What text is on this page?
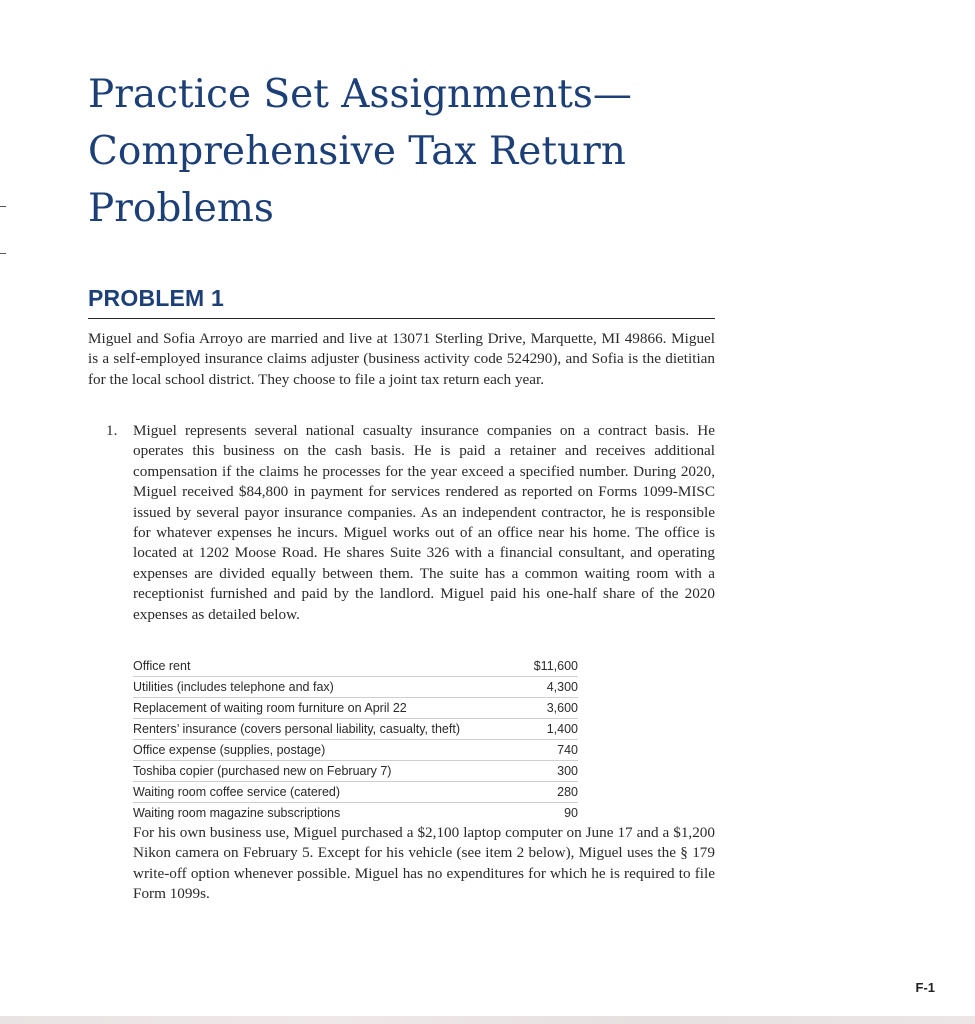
Practice Set Assignments—
Comprehensive Tax Return
Problems
PROBLEM 1

Miguel and Sofia Arroyo are married and live at 13071 Sterling Drive, Marquette, MI 49866. Miguel is a self-employed insurance claims adjuster (business activity code 524290), and Sofia is the dietitian for the local school district. They choose to file a joint tax return each year.

1. Miguel represents several national casualty insurance companies on a contract basis. He operates this business on the cash basis. He is paid a retainer and receives additional compensation if the claims he processes for the year exceed a specified number. During 2020, Miguel received $84,800 in payment for services rendered as reported on Forms 1099-MISC issued by several payor insurance companies. As an independent contractor, he is responsible for whatever expenses he incurs. Miguel works out of an office near his home. The office is located at 1202 Moose Road. He shares Suite 326 with a financial consultant, and operating expenses are divided equally between them. The suite has a common waiting room with a receptionist furnished and paid by the landlord. Miguel paid his one-half share of the 2020 expenses as detailed below.

Office rent	$11,600
Utilities (includes telephone and fax)	4,300
Replacement of waiting room furniture on April 22	3,600
Renters’ insurance (covers personal liability, casualty, theft)	1,400
Office expense (supplies, postage)	740
Toshiba copier (purchased new on February 7)	300
Waiting room coffee service (catered)	280
Waiting room magazine subscriptions	90

For his own business use, Miguel purchased a $2,100 laptop computer on June 17 and a $1,200 Nikon camera on February 5. Except for his vehicle (see item 2 below), Miguel uses the § 179 write-off option whenever possible. Miguel has no expenditures for which he is required to file Form 1099s.

F-1
